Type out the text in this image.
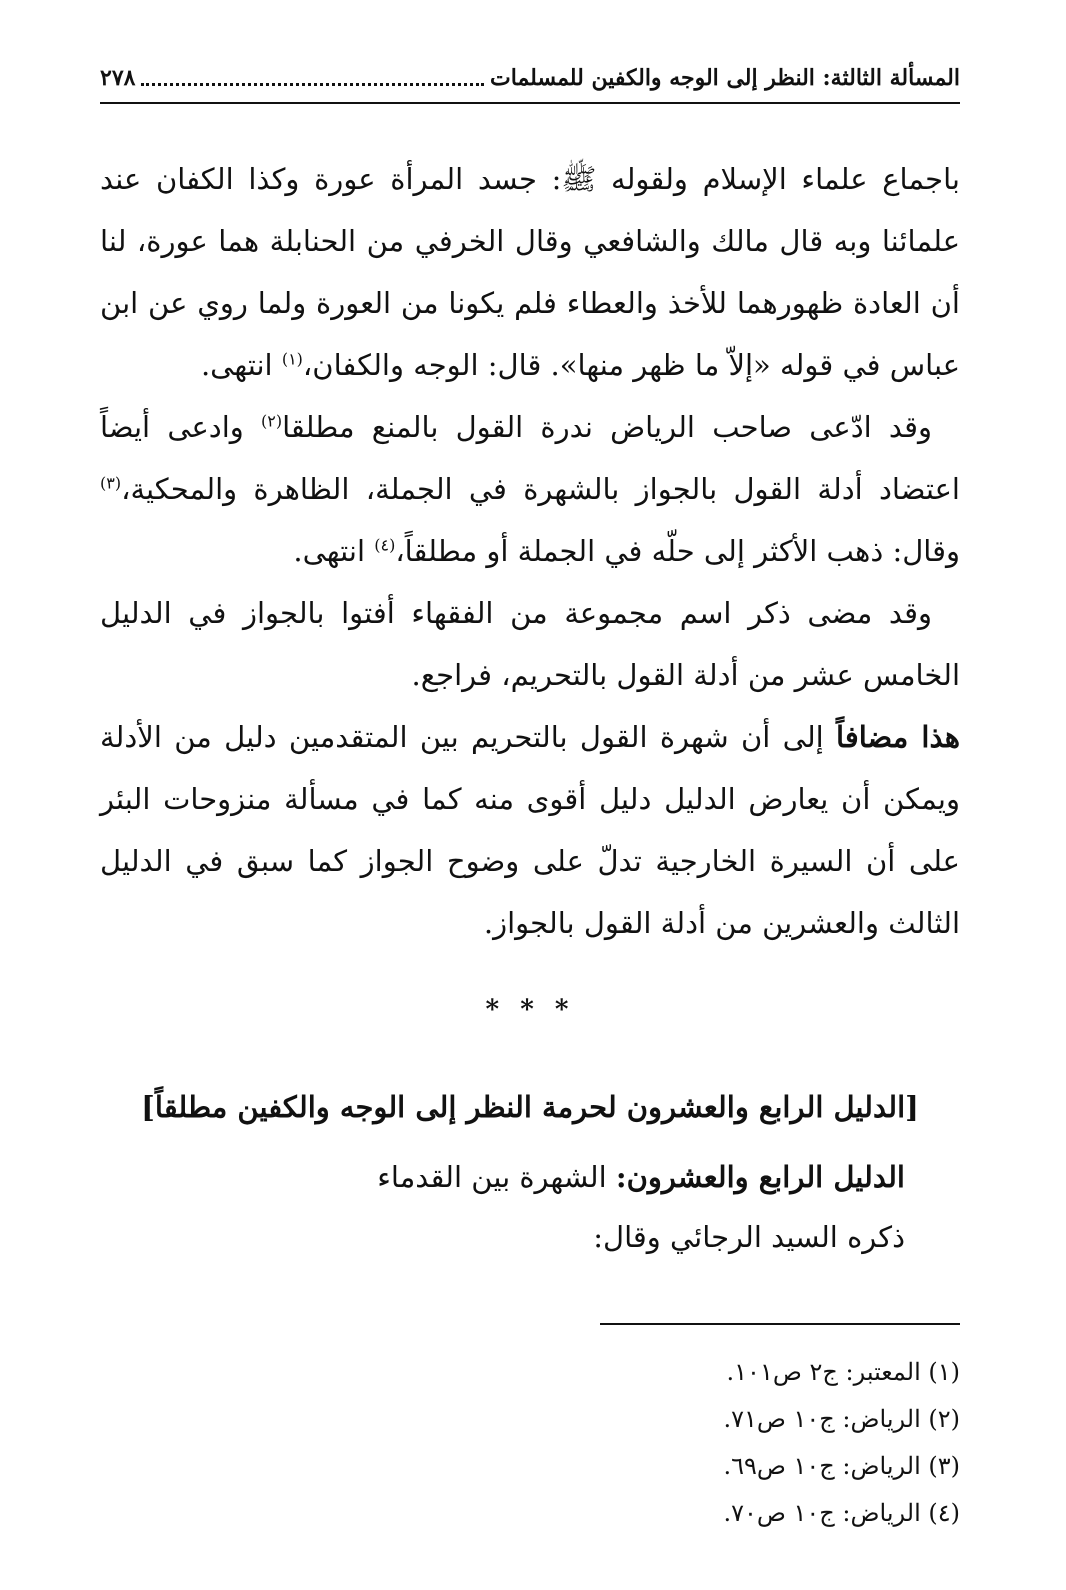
المسألة الثالثة: النظر إلى الوجه والكفين للمسلمات
٢٧٨

باجماع علماء الإسلام ولقوله ﷺ: جسد المرأة عورة وكذا الكفان عند علمائنا وبه قال مالك والشافعي وقال الخرفي من الحنابلة هما عورة، لنا أن العادة ظهورهما للأخذ والعطاء فلم يكونا من العورة ولما روي عن ابن عباس في قوله «إلاّ ما ظهر منها». قال: الوجه والكفان،$^{(١)}$ انتهى.

وقد ادّعى صاحب الرياض ندرة القول بالمنع مطلقا$^{(٢)}$ وادعى أيضاً اعتضاد أدلة القول بالجواز بالشهرة في الجملة، الظاهرة والمحكية،$^{(٣)}$ وقال: ذهب الأكثر إلى حلّه في الجملة أو مطلقاً،$^{(٤)}$ انتهى.

وقد مضى ذكر اسم مجموعة من الفقهاء أفتوا بالجواز في الدليل الخامس عشر من أدلة القول بالتحريم، فراجع.

هذا مضافاً إلى أن شهرة القول بالتحريم بين المتقدمين دليل من الأدلة ويمكن أن يعارض الدليل دليل أقوى منه كما في مسألة منزوحات البئر على أن السيرة الخارجية تدلّ على وضوح الجواز كما سبق في الدليل الثالث والعشرين من أدلة القول بالجواز.

* * *
[الدليل الرابع والعشرون لحرمة النظر إلى الوجه والكفين مطلقاً]
الدليل الرابع والعشرون: الشهرة بين القدماء
ذكره السيد الرجائي وقال:
(١) المعتبر: ج٢ ص١٠١.
(٢) الرياض: ج١٠ ص٧١.
(٣) الرياض: ج١٠ ص٦٩.
(٤) الرياض: ج١٠ ص٧٠.
